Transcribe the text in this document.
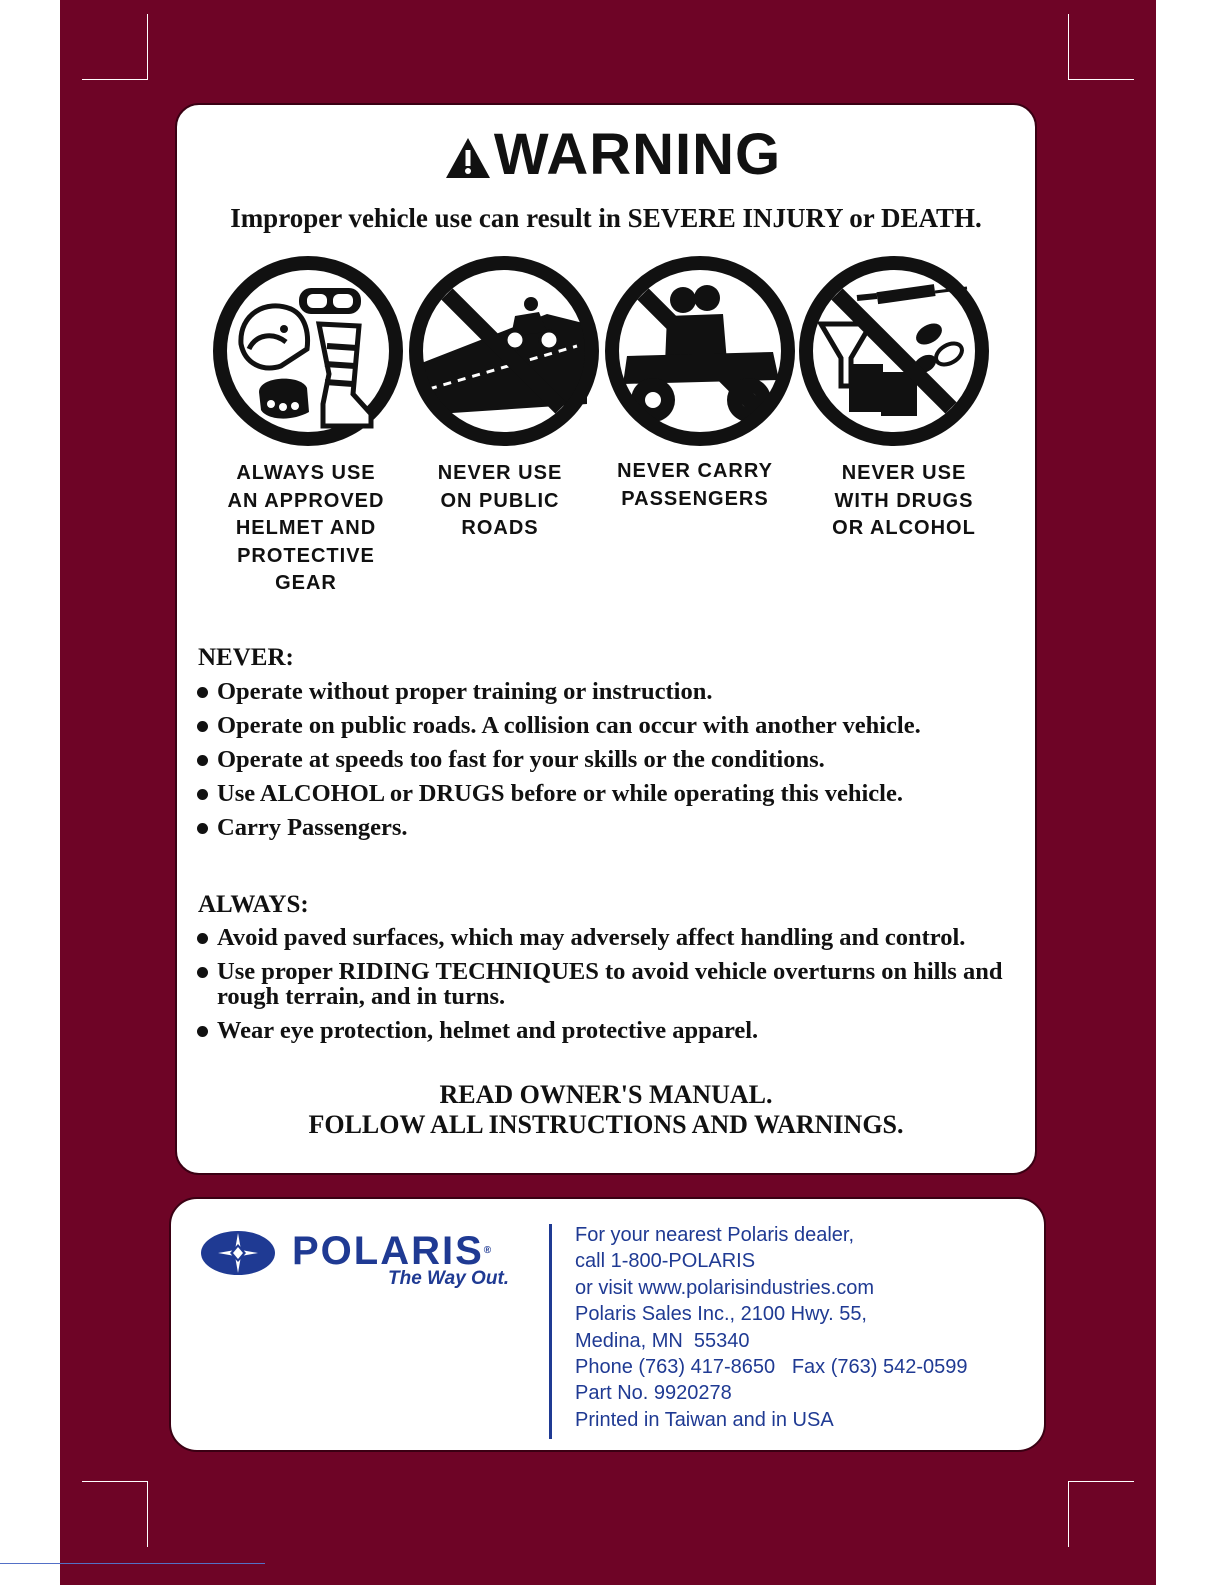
WARNING
Improper vehicle use can result in SEVERE INJURY or DEATH.
ALWAYS USE
AN APPROVED
HELMET AND
PROTECTIVE
GEAR
NEVER USE
ON PUBLIC
ROADS
NEVER CARRY
PASSENGERS
NEVER USE
WITH DRUGS
OR ALCOHOL
NEVER:
Operate without proper training or instruction.
Operate on public roads. A collision can occur with another vehicle.
Operate at speeds too fast for your skills or the conditions.
Use ALCOHOL or DRUGS before or while operating this vehicle.
Carry Passengers.
ALWAYS:
Avoid paved surfaces, which may adversely affect handling and control.
Use proper RIDING TECHNIQUES to avoid vehicle overturns on hills and rough terrain, and in turns.
Wear eye protection, helmet and protective apparel.
READ OWNER'S MANUAL.
FOLLOW ALL INSTRUCTIONS AND WARNINGS.
POLARIS®
The Way Out.
For your nearest Polaris dealer,
call 1-800-POLARIS
or visit www.polarisindustries.com
Polaris Sales Inc., 2100 Hwy. 55,
Medina, MN  55340
Phone (763) 417-8650   Fax (763) 542-0599
Part No. 9920278
Printed in Taiwan and in USA
